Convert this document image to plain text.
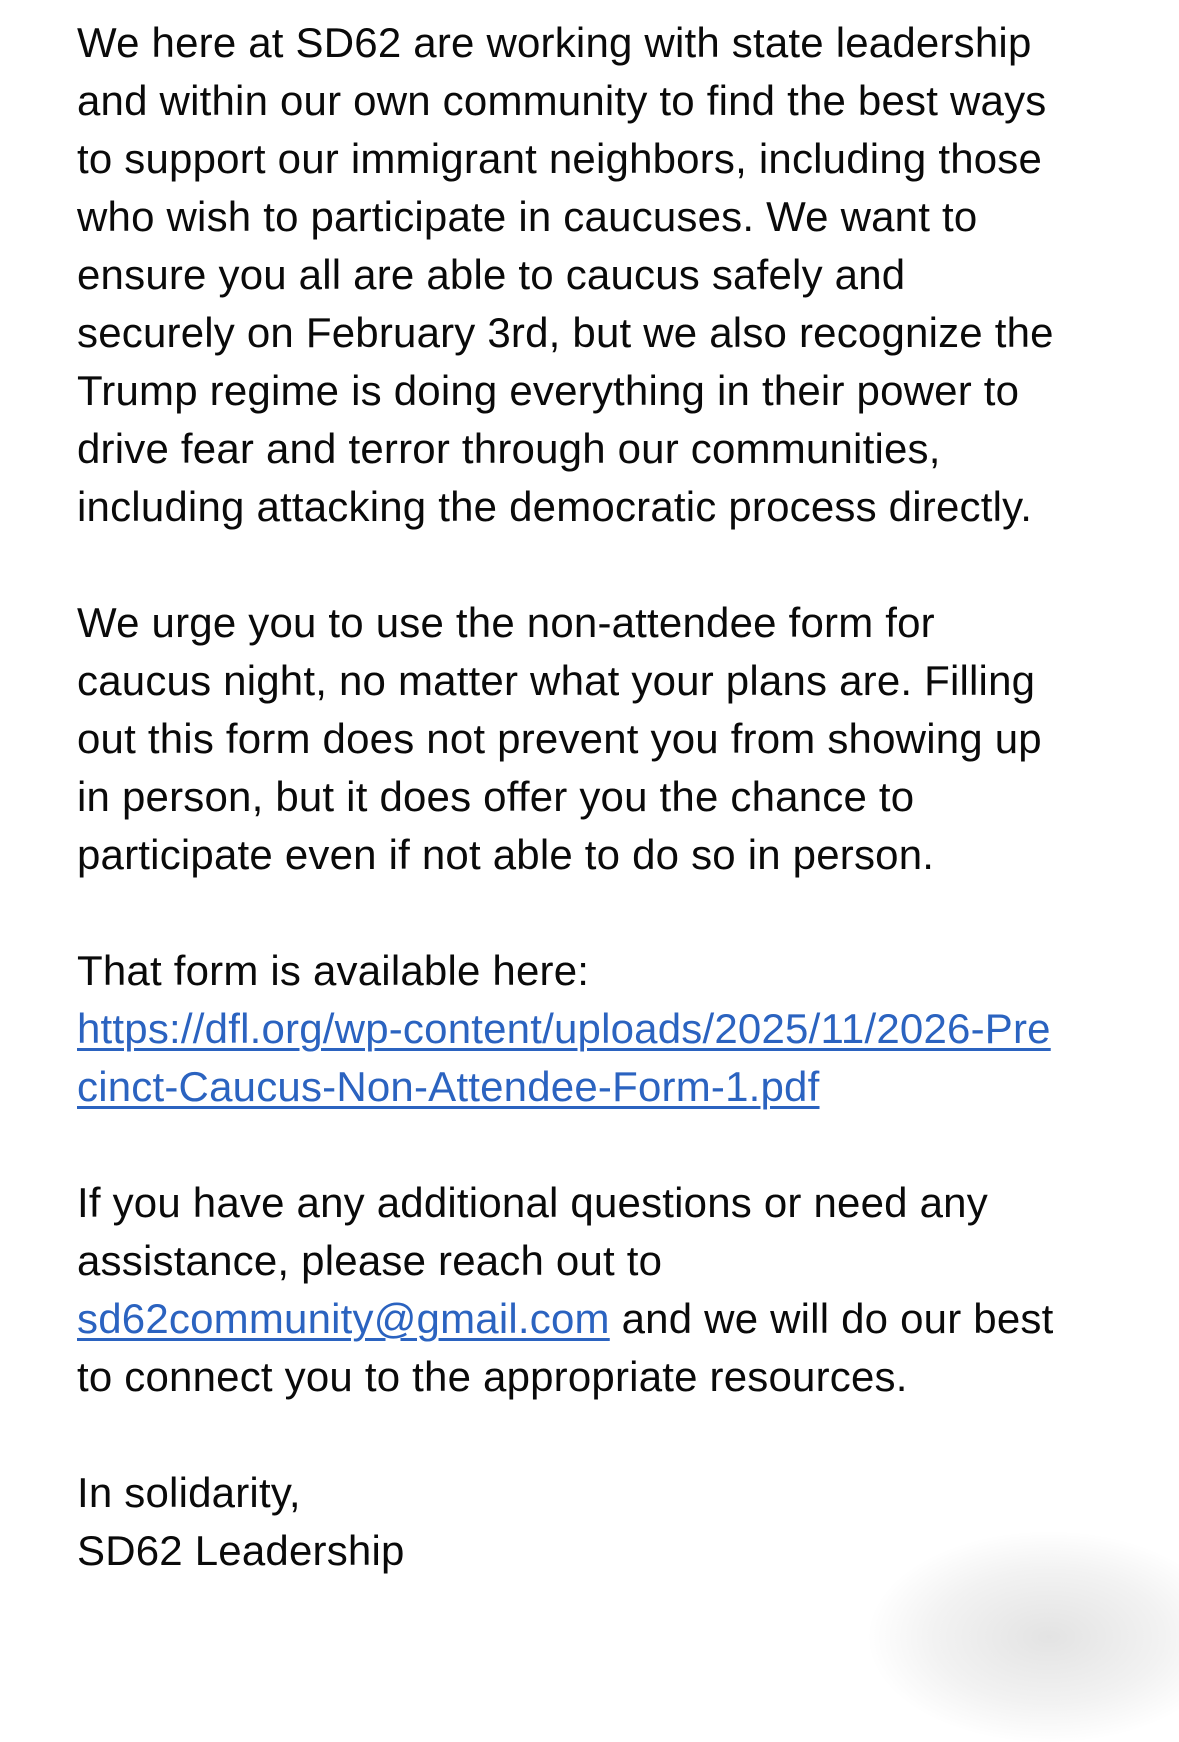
We here at SD62 are working with state leadership
and within our own community to find the best ways
to support our immigrant neighbors, including those
who wish to participate in caucuses. We want to
ensure you all are able to caucus safely and
securely on February 3rd, but we also recognize the
Trump regime is doing everything in their power to
drive fear and terror through our communities,
including attacking the democratic process directly.
We urge you to use the non-attendee form for
caucus night, no matter what your plans are. Filling
out this form does not prevent you from showing up
in person, but it does offer you the chance to
participate even if not able to do so in person.
That form is available here:
https://dfl.org/wp-content/uploads/2025/11/2026-Pre
cinct-Caucus-Non-Attendee-Form-1.pdf
If you have any additional questions or need any
assistance, please reach out to
sd62community@gmail.com and we will do our best
to connect you to the appropriate resources.
In solidarity,
SD62 Leadership
